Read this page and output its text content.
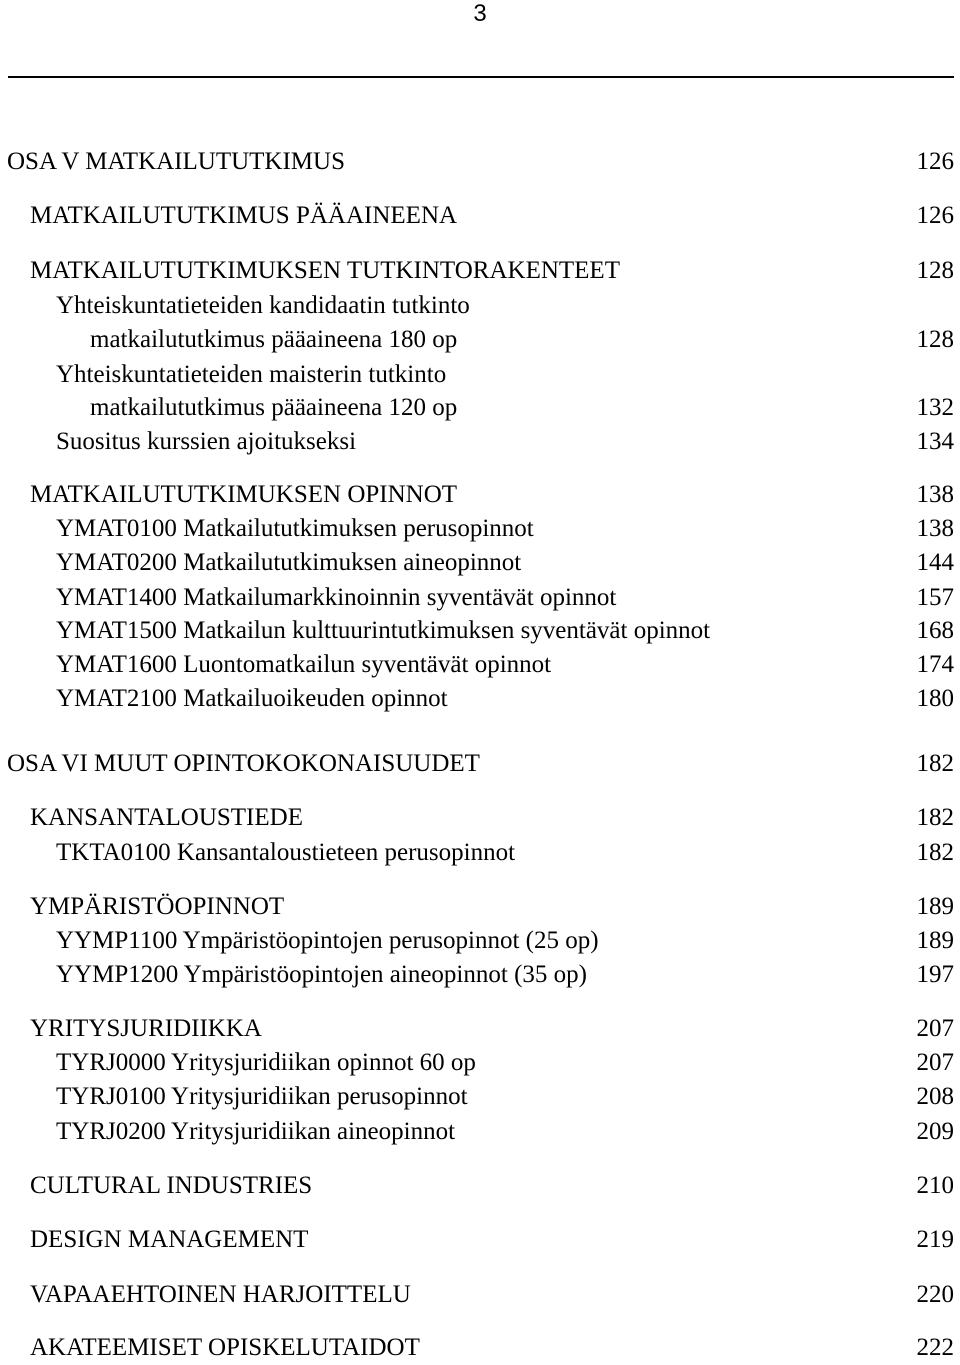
3
OSA V MATKAILUTUTKIMUS	126
MATKAILUTUTKIMUS PÄÄAINEENA	126
MATKAILUTUTKIMUKSEN TUTKINTORAKENTEET	128
Yhteiskuntatieteiden kandidaatin tutkinto
matkailututkimus pääaineena 180 op	128
Yhteiskuntatieteiden maisterin tutkinto
matkailututkimus pääaineena 120 op	132
Suositus kurssien ajoitukseksi	134
MATKAILUTUTKIMUKSEN OPINNOT	138
YMAT0100 Matkailututkimuksen perusopinnot	138
YMAT0200 Matkailututkimuksen aineopinnot	144
YMAT1400 Matkailumarkkinoinnin syventävät opinnot	157
YMAT1500 Matkailun kulttuurintutkimuksen syventävät opinnot	168
YMAT1600 Luontomatkailun syventävät opinnot	174
YMAT2100 Matkailuoikeuden opinnot	180
OSA VI MUUT OPINTOKOKONAISUUDET	182
KANSANTALOUSTIEDE	182
TKTA0100 Kansantaloustieteen perusopinnot	182
YMPÄRISTÖOPINNOT	189
YYMP1100 Ympäristöopintojen perusopinnot (25 op)	189
YYMP1200 Ympäristöopintojen aineopinnot (35 op)	197
YRITYSJURIDIIKKA	207
TYRJ0000 Yritysjuridiikan opinnot 60 op	207
TYRJ0100 Yritysjuridiikan perusopinnot	208
TYRJ0200 Yritysjuridiikan aineopinnot	209
CULTURAL INDUSTRIES	210
DESIGN MANAGEMENT	219
VAPAAEHTOINEN HARJOITTELU	220
AKATEEMISET OPISKELUTAIDOT	222
